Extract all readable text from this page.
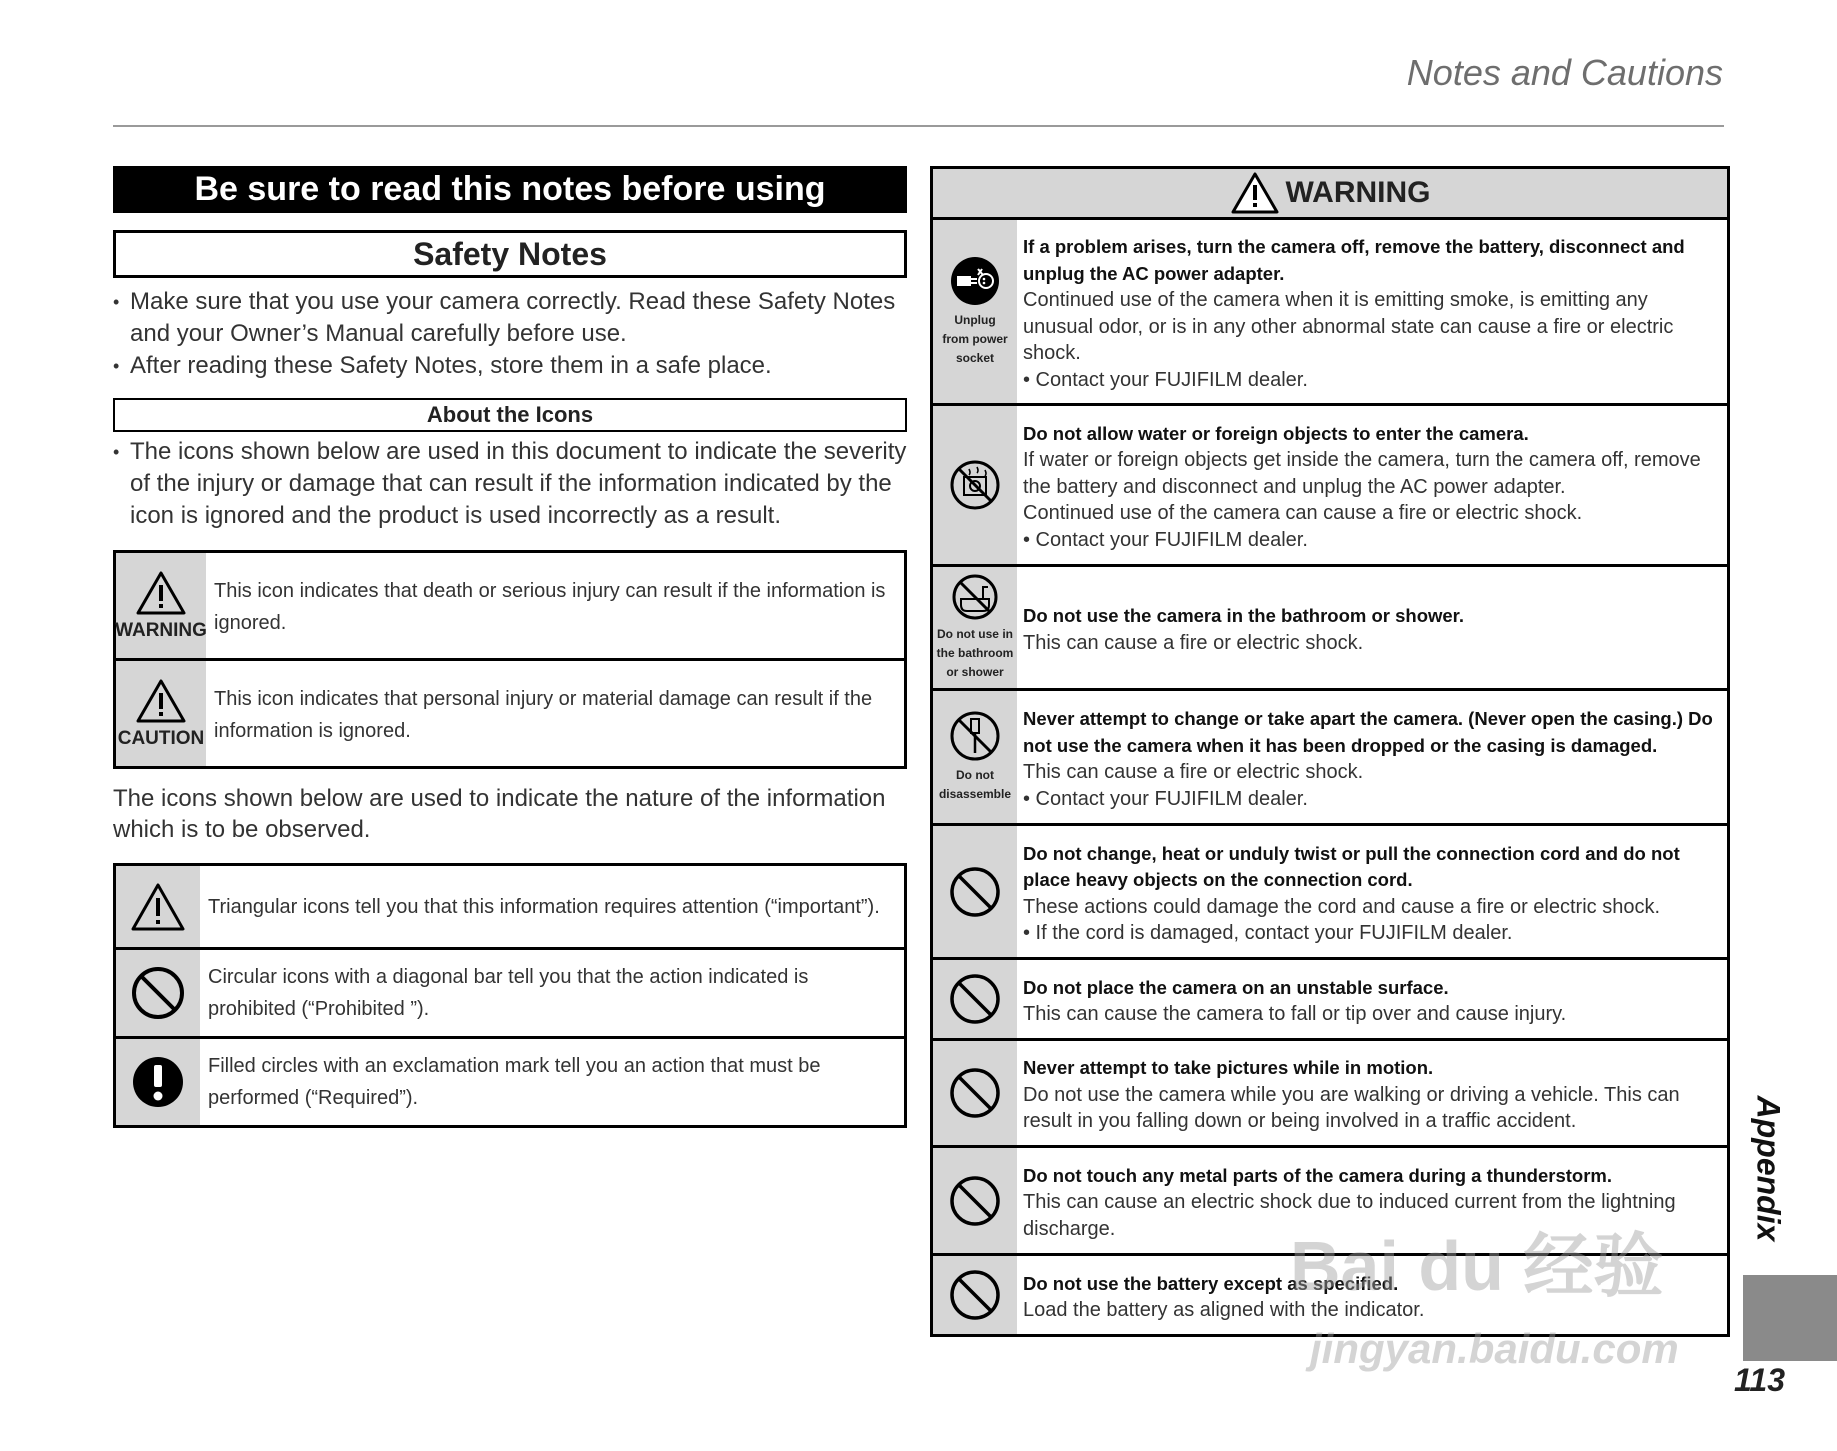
Notes and Cautions
Be sure to read this notes before using
Safety Notes
• Make sure that you use your camera correctly. Read these Safety Notes and your Owner’s Manual carefully before use.
• After reading these Safety Notes, store them in a safe place.
About the Icons
• The icons shown below are used in this document to indicate the severity of the injury or damage that can result if the information indicated by the icon is ignored and the product is used incorrectly as a result.
WARNING
This icon indicates that death or serious injury can result if the information is ignored.
CAUTION
This icon indicates that personal injury or material damage can result if the information is ignored.
The icons shown below are used to indicate the nature of the information which is to be observed.
Triangular icons tell you that this information requires attention (“important”).
Circular icons with a diagonal bar tell you that the action indicated is prohibited (“Prohibited ”).
Filled circles with an exclamation mark tell you an action that must be performed (“Required”).
WARNING
Unplug
from power
socket
If a problem arises, turn the camera off, remove the battery, disconnect and unplug the AC power adapter.
Continued use of the camera when it is emitting smoke, is emitting any unusual odor, or is in any other abnormal state can cause a fire or electric shock.
• Contact your FUJIFILM dealer.
Do not allow water or foreign objects to enter the camera.
If water or foreign objects get inside the camera, turn the camera off, remove the battery and disconnect and unplug the AC power adapter.
Continued use of the camera can cause a fire or electric shock.
• Contact your FUJIFILM dealer.
Do not use in
the bathroom
or shower
Do not use the camera in the bathroom or shower.
This can cause a fire or electric shock.
Do not
disassemble
Never attempt to change or take apart the camera. (Never open the casing.) Do not use the camera when it has been dropped or the casing is damaged.
This can cause a fire or electric shock.
• Contact your FUJIFILM dealer.
Do not change, heat or unduly twist or pull the connection cord and do not place heavy objects on the connection cord.
These actions could damage the cord and cause a fire or electric shock.
• If the cord is damaged, contact your FUJIFILM dealer.
Do not place the camera on an unstable surface.
This can cause the camera to fall or tip over and cause injury.
Never attempt to take pictures while in motion.
Do not use the camera while you are walking or driving a vehicle. This can result in you falling down or being involved in a traffic accident.
Do not touch any metal parts of the camera during a thunderstorm.
This can cause an electric shock due to induced current from the lightning discharge.
Do not use the battery except as specified.
Load the battery as aligned with the indicator.
Appendix
113
Bai du 经验
jingyan.baidu.com
